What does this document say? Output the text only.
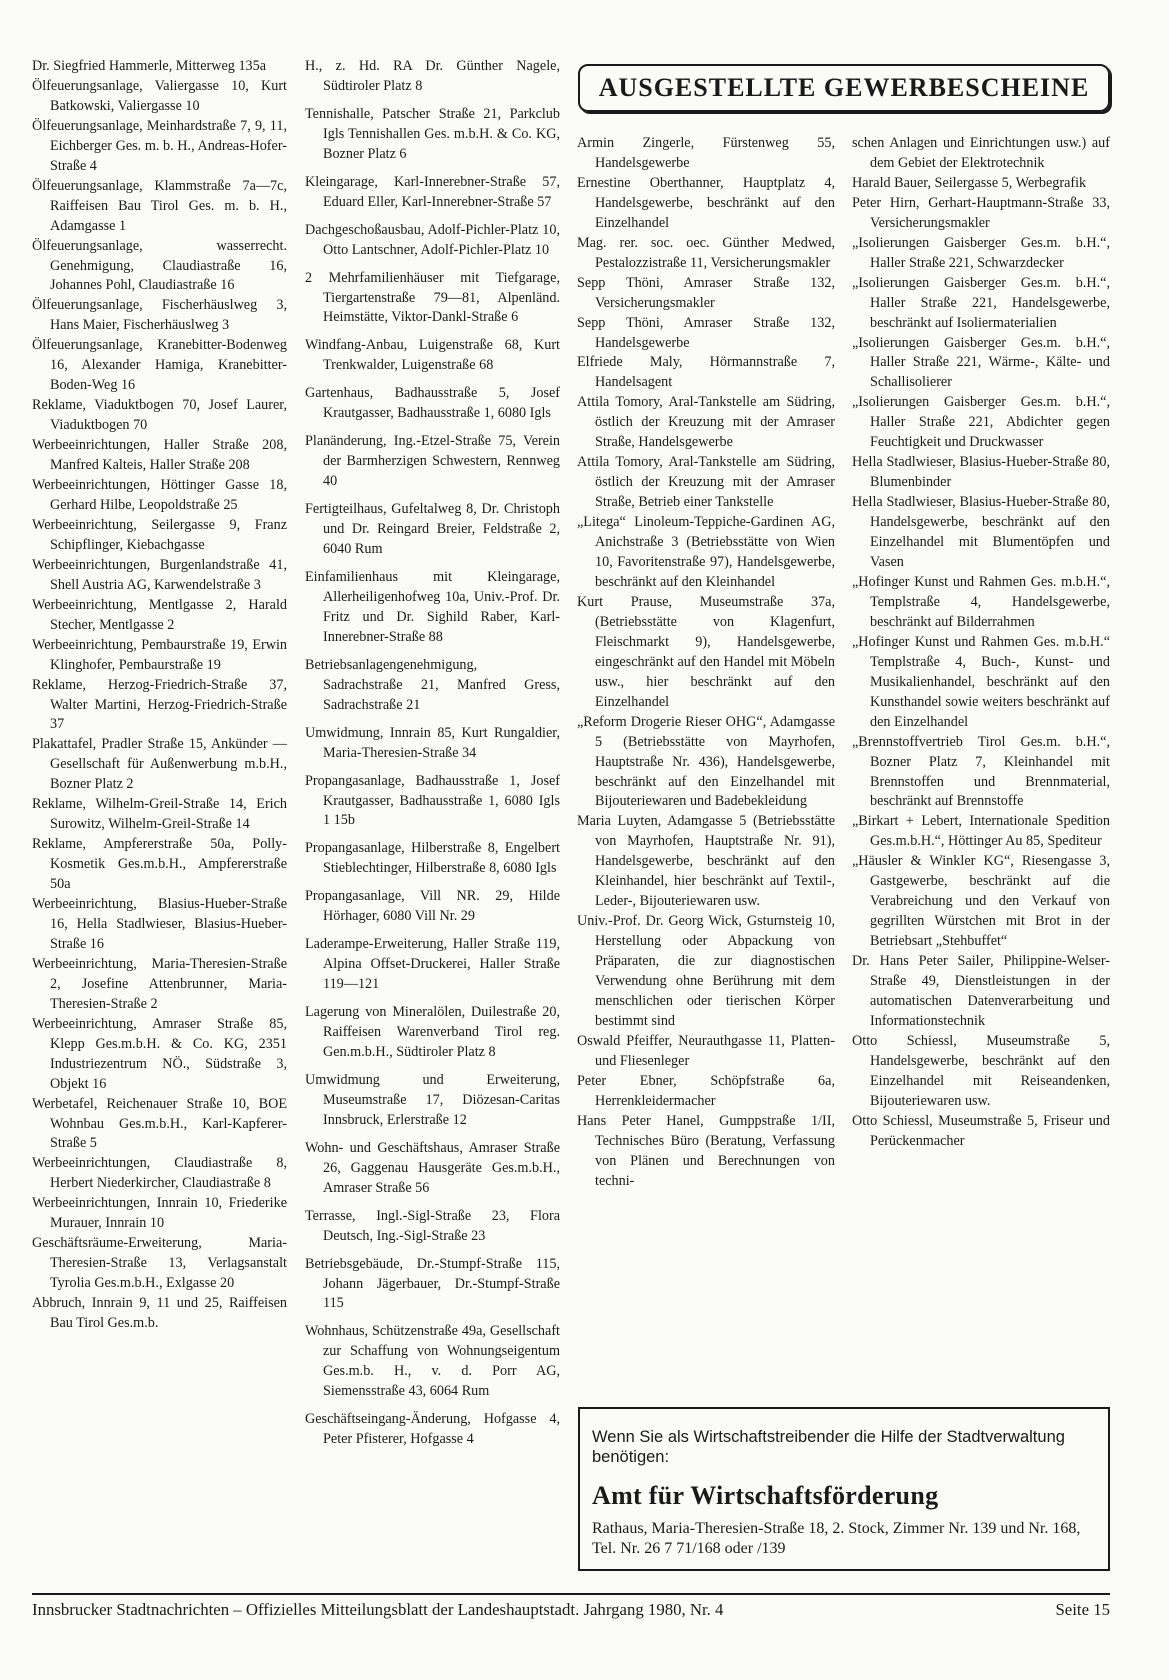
Dr. Siegfried Hammerle, Mitterweg 135a

Ölfeuerungsanlage, Valiergasse 10, Kurt Batkowski, Valiergasse 10

Ölfeuerungsanlage, Meinhardstraße 7, 9, 11, Eichberger Ges. m. b. H., Andreas-Hofer-Straße 4

Ölfeuerungsanlage, Klammstraße 7a—7c, Raiffeisen Bau Tirol Ges. m. b. H., Adamgasse 1

Ölfeuerungsanlage, wasserrecht. Genehmigung, Claudiastraße 16, Johannes Pohl, Claudiastraße 16

Ölfeuerungsanlage, Fischerhäuslweg 3, Hans Maier, Fischerhäuslweg 3

Ölfeuerungsanlage, Kranebitter-Bodenweg 16, Alexander Hamiga, Kranebitter-Boden-Weg 16

Reklame, Viaduktbogen 70, Josef Laurer, Viaduktbogen 70

Werbeeinrichtungen, Haller Straße 208, Manfred Kalteis, Haller Straße 208

Werbeeinrichtungen, Höttinger Gasse 18, Gerhard Hilbe, Leopoldstraße 25

Werbeeinrichtung, Seilergasse 9, Franz Schipflinger, Kiebachgasse

Werbeeinrichtungen, Burgenlandstraße 41, Shell Austria AG, Karwendelstraße 3

Werbeeinrichtung, Mentlgasse 2, Harald Stecher, Mentlgasse 2

Werbeeinrichtung, Pembaurstraße 19, Erwin Klinghofer, Pembaurstraße 19

Reklame, Herzog-Friedrich-Straße 37, Walter Martini, Herzog-Friedrich-Straße 37

Plakattafel, Pradler Straße 15, Ankünder — Gesellschaft für Außenwerbung m.b.H., Bozner Platz 2

Reklame, Wilhelm-Greil-Straße 14, Erich Surowitz, Wilhelm-Greil-Straße 14

Reklame, Ampfererstraße 50a, Polly-Kosmetik Ges.m.b.H., Ampfererstraße 50a

Werbeeinrichtung, Blasius-Hueber-Straße 16, Hella Stadlwieser, Blasius-Hueber-Straße 16

Werbeeinrichtung, Maria-Theresien-Straße 2, Josefine Attenbrunner, Maria-Theresien-Straße 2

Werbeeinrichtung, Amraser Straße 85, Klepp Ges.m.b.H. & Co. KG, 2351 Industriezentrum NÖ., Südstraße 3, Objekt 16

Werbetafel, Reichenauer Straße 10, BOE Wohnbau Ges.m.b.H., Karl-Kapferer-Straße 5

Werbeeinrichtungen, Claudiastraße 8, Herbert Niederkircher, Claudiastraße 8

Werbeeinrichtungen, Innrain 10, Friederike Murauer, Innrain 10

Geschäftsräume-Erweiterung, Maria-Theresien-Straße 13, Verlagsanstalt Tyrolia Ges.m.b.H., Exlgasse 20

Abbruch, Innrain 9, 11 und 25, Raiffeisen Bau Tirol Ges.m.b.

H., z. Hd. RA Dr. Günther Nagele, Südtiroler Platz 8

Tennishalle, Patscher Straße 21, Parkclub Igls Tennishallen Ges. m.b.H. & Co. KG, Bozner Platz 6

Kleingarage, Karl-Innerebner-Straße 57, Eduard Eller, Karl-Innerebner-Straße 57

Dachgeschoßausbau, Adolf-Pichler-Platz 10, Otto Lantschner, Adolf-Pichler-Platz 10

2 Mehrfamilienhäuser mit Tiefgarage, Tiergartenstraße 79—81, Alpenländ. Heimstätte, Viktor-Dankl-Straße 6

Windfang-Anbau, Luigenstraße 68, Kurt Trenkwalder, Luigenstraße 68

Gartenhaus, Badhausstraße 5, Josef Krautgasser, Badhausstraße 1, 6080 Igls

Planänderung, Ing.-Etzel-Straße 75, Verein der Barmherzigen Schwestern, Rennweg 40

Fertigteilhaus, Gufeltalweg 8, Dr. Christoph und Dr. Reingard Breier, Feldstraße 2, 6040 Rum

Einfamilienhaus mit Kleingarage, Allerheiligenhofweg 10a, Univ.-Prof. Dr. Fritz und Dr. Sighild Raber, Karl-Innerebner-Straße 88

Betriebsanlagengenehmigung, Sadrachstraße 21, Manfred Gress, Sadrachstraße 21

Umwidmung, Innrain 85, Kurt Rungaldier, Maria-Theresien-Straße 34

Propangasanlage, Badhausstraße 1, Josef Krautgasser, Badhausstraße 1, 6080 Igls 1 15b

Propangasanlage, Hilberstraße 8, Engelbert Stieblechtinger, Hilberstraße 8, 6080 Igls

Propangasanlage, Vill NR. 29, Hilde Hörhager, 6080 Vill Nr. 29

Laderampe-Erweiterung, Haller Straße 119, Alpina Offset-Druckerei, Haller Straße 119—121

Lagerung von Mineralölen, Duilestraße 20, Raiffeisen Warenverband Tirol reg. Gen.m.b.H., Südtiroler Platz 8

Umwidmung und Erweiterung, Museumstraße 17, Diözesan-Caritas Innsbruck, Erlerstraße 12

Wohn- und Geschäftshaus, Amraser Straße 26, Gaggenau Hausgeräte Ges.m.b.H., Amraser Straße 56

Terrasse, Ingl.-Sigl-Straße 23, Flora Deutsch, Ing.-Sigl-Straße 23

Betriebsgebäude, Dr.-Stumpf-Straße 115, Johann Jägerbauer, Dr.-Stumpf-Straße 115

Wohnhaus, Schützenstraße 49a, Gesellschaft zur Schaffung von Wohnungseigentum Ges.m.b. H., v. d. Porr AG, Siemensstraße 43, 6064 Rum

Geschäftseingang-Änderung, Hofgasse 4, Peter Pfisterer, Hofgasse 4

AUSGESTELLTE GEWERBESCHEINE

Armin Zingerle, Fürstenweg 55, Handelsgewerbe

Ernestine Oberthanner, Hauptplatz 4, Handelsgewerbe, beschränkt auf den Einzelhandel

Mag. rer. soc. oec. Günther Medwed, Pestalozzistraße 11, Versicherungsmakler

Sepp Thöni, Amraser Straße 132, Versicherungsmakler

Sepp Thöni, Amraser Straße 132, Handelsgewerbe

Elfriede Maly, Hörmannstraße 7, Handelsagent

Attila Tomory, Aral-Tankstelle am Südring, östlich der Kreuzung mit der Amraser Straße, Handelsgewerbe

Attila Tomory, Aral-Tankstelle am Südring, östlich der Kreuzung mit der Amraser Straße, Betrieb einer Tankstelle

„Litega“ Linoleum-Teppiche-Gardinen AG, Anichstraße 3 (Betriebsstätte von Wien 10, Favoritenstraße 97), Handelsgewerbe, beschränkt auf den Kleinhandel

Kurt Prause, Museumstraße 37a, (Betriebsstätte von Klagenfurt, Fleischmarkt 9), Handelsgewerbe, eingeschränkt auf den Handel mit Möbeln usw., hier beschränkt auf den Einzelhandel

„Reform Drogerie Rieser OHG“, Adamgasse 5 (Betriebsstätte von Mayrhofen, Hauptstraße Nr. 436), Handelsgewerbe, beschränkt auf den Einzelhandel mit Bijouteriewaren und Badebekleidung

Maria Luyten, Adamgasse 5 (Betriebsstätte von Mayrhofen, Hauptstraße Nr. 91), Handelsgewerbe, beschränkt auf den Kleinhandel, hier beschränkt auf Textil-, Leder-, Bijouteriewaren usw.

Univ.-Prof. Dr. Georg Wick, Gsturnsteig 10, Herstellung oder Abpackung von Präparaten, die zur diagnostischen Verwendung ohne Berührung mit dem menschlichen oder tierischen Körper bestimmt sind

Oswald Pfeiffer, Neurauthgasse 11, Platten- und Fliesenleger

Peter Ebner, Schöpfstraße 6a, Herrenkleidermacher

Hans Peter Hanel, Gumppstraße 1/II, Technisches Büro (Beratung, Verfassung von Plänen und Berechnungen von techni-

schen Anlagen und Einrichtungen usw.) auf dem Gebiet der Elektrotechnik

Harald Bauer, Seilergasse 5, Werbegrafik

Peter Hirn, Gerhart-Hauptmann-Straße 33, Versicherungsmakler

„Isolierungen Gaisberger Ges.m. b.H.“, Haller Straße 221, Schwarzdecker

„Isolierungen Gaisberger Ges.m. b.H.“, Haller Straße 221, Handelsgewerbe, beschränkt auf Isoliermaterialien

„Isolierungen Gaisberger Ges.m. b.H.“, Haller Straße 221, Wärme-, Kälte- und Schallisolierer

„Isolierungen Gaisberger Ges.m. b.H.“, Haller Straße 221, Abdichter gegen Feuchtigkeit und Druckwasser

Hella Stadlwieser, Blasius-Hueber-Straße 80, Blumenbinder

Hella Stadlwieser, Blasius-Hueber-Straße 80, Handelsgewerbe, beschränkt auf den Einzelhandel mit Blumentöpfen und Vasen

„Hofinger Kunst und Rahmen Ges. m.b.H.“, Templstraße 4, Handelsgewerbe, beschränkt auf Bilderrahmen

„Hofinger Kunst und Rahmen Ges. m.b.H.“ Templstraße 4, Buch-, Kunst- und Musikalienhandel, beschränkt auf den Kunsthandel sowie weiters beschränkt auf den Einzelhandel

„Brennstoffvertrieb Tirol Ges.m. b.H.“, Bozner Platz 7, Kleinhandel mit Brennstoffen und Brennmaterial, beschränkt auf Brennstoffe

„Birkart + Lebert, Internationale Spedition Ges.m.b.H.“, Höttinger Au 85, Spediteur

„Häusler & Winkler KG“, Riesengasse 3, Gastgewerbe, beschränkt auf die Verabreichung und den Verkauf von gegrillten Würstchen mit Brot in der Betriebsart „Stehbuffet“

Dr. Hans Peter Sailer, Philippine-Welser-Straße 49, Dienstleistungen in der automatischen Datenverarbeitung und Informationstechnik

Otto Schiessl, Museumstraße 5, Handelsgewerbe, beschränkt auf den Einzelhandel mit Reiseandenken, Bijouteriewaren usw.

Otto Schiessl, Museumstraße 5, Friseur und Perückenmacher

Wenn Sie als Wirtschaftstreibender die Hilfe der Stadtverwaltung benötigen:

Amt für Wirtschaftsförderung

Rathaus, Maria-Theresien-Straße 18, 2. Stock, Zimmer Nr. 139 und Nr. 168, Tel. Nr. 26 7 71/168 oder /139

Innsbrucker Stadtnachrichten – Offizielles Mitteilungsblatt der Landeshauptstadt. Jahrgang 1980, Nr. 4	Seite 15
